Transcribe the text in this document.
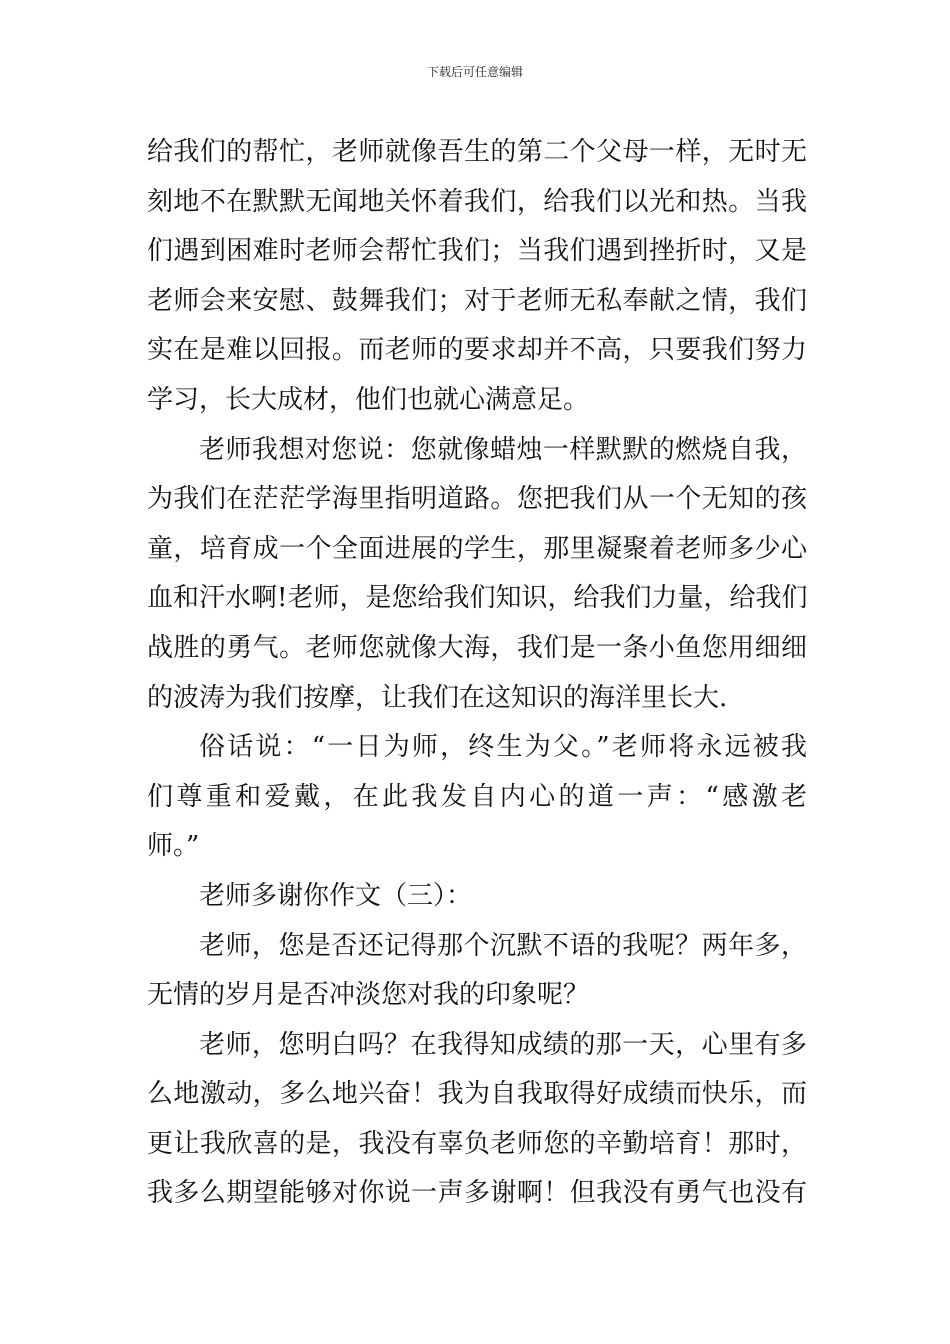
下载后可任意编辑
给我们的帮忙，老师就像吾生的第二个父母一样，无时无
刻地不在默默无闻地关怀着我们，给我们以光和热。当我
们遇到困难时老师会帮忙我们；当我们遇到挫折时，又是
老师会来安慰、鼓舞我们；对于老师无私奉献之情，我们
实在是难以回报。而老师的要求却并不高，只要我们努力
学习，长大成材，他们也就心满意足。
老师我想对您说：您就像蜡烛一样默默的燃烧自我，
为我们在茫茫学海里指明道路。您把我们从一个无知的孩
童，培育成一个全面进展的学生，那里凝聚着老师多少心
血和汗水啊!老师，是您给我们知识，给我们力量，给我们
战胜的勇气。老师您就像大海，我们是一条小鱼您用细细
的波涛为我们按摩，让我们在这知识的海洋里长大.
俗话说：“一日为师，终生为父。”老师将永远被我
们尊重和爱戴，在此我发自内心的道一声：“感激老
师。”
老师多谢你作文（三）：
老师，您是否还记得那个沉默不语的我呢？两年多，
无情的岁月是否冲淡您对我的印象呢？
老师，您明白吗？在我得知成绩的那一天，心里有多
么地激动，多么地兴奋！我为自我取得好成绩而快乐，而
更让我欣喜的是，我没有辜负老师您的辛勤培育！那时，
我多么期望能够对你说一声多谢啊！但我没有勇气也没有
